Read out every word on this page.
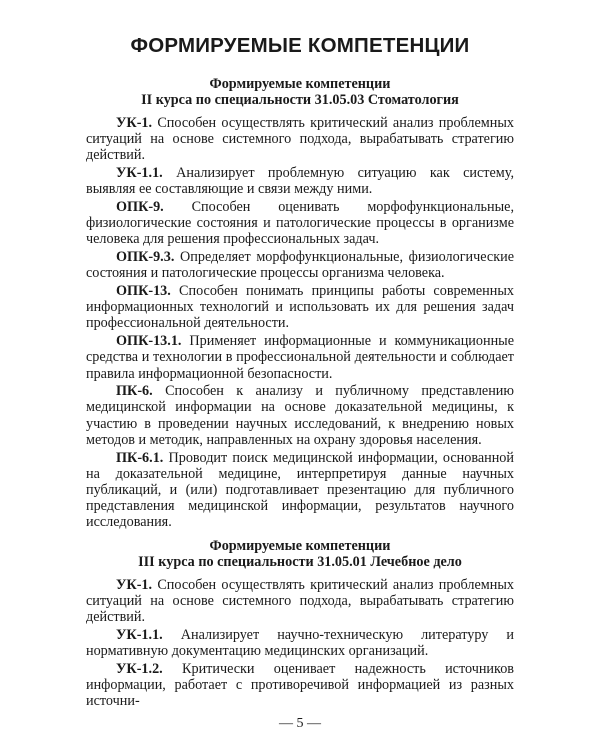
ФОРМИРУЕМЫЕ КОМПЕТЕНЦИИ
Формируемые компетенции
II курса по специальности 31.05.03 Стоматология

УК-1. Способен осуществлять критический анализ проблемных ситуаций на основе системного подхода, вырабатывать стратегию действий.

УК-1.1. Анализирует проблемную ситуацию как систему, выявляя ее составляющие и связи между ними.

ОПК-9. Способен оценивать морфофункциональные, физиологические состояния и патологические процессы в организме человека для решения профессиональных задач.

ОПК-9.3. Определяет морфофункциональные, физиологические состояния и патологические процессы организма человека.

ОПК-13. Способен понимать принципы работы современных информационных технологий и использовать их для решения задач профессиональной деятельности.

ОПК-13.1. Применяет информационные и коммуникационные средства и технологии в профессиональной деятельности и соблюдает правила информационной безопасности.

ПК-6. Способен к анализу и публичному представлению медицинской информации на основе доказательной медицины, к участию в проведении научных исследований, к внедрению новых методов и методик, направленных на охрану здоровья населения.

ПК-6.1. Проводит поиск медицинской информации, основанной на доказательной медицине, интерпретируя данные научных публикаций, и (или) подготавливает презентацию для публичного представления медицинской информации, результатов научного исследования.

Формируемые компетенции
III курса по специальности 31.05.01 Лечебное дело

УК-1. Способен осуществлять критический анализ проблемных ситуаций на основе системного подхода, вырабатывать стратегию действий.

УК-1.1. Анализирует научно-техническую литературу и нормативную документацию медицинских организаций.

УК-1.2. Критически оценивает надежность источников информации, работает с противоречивой информацией из разных источни-

— 5 —
